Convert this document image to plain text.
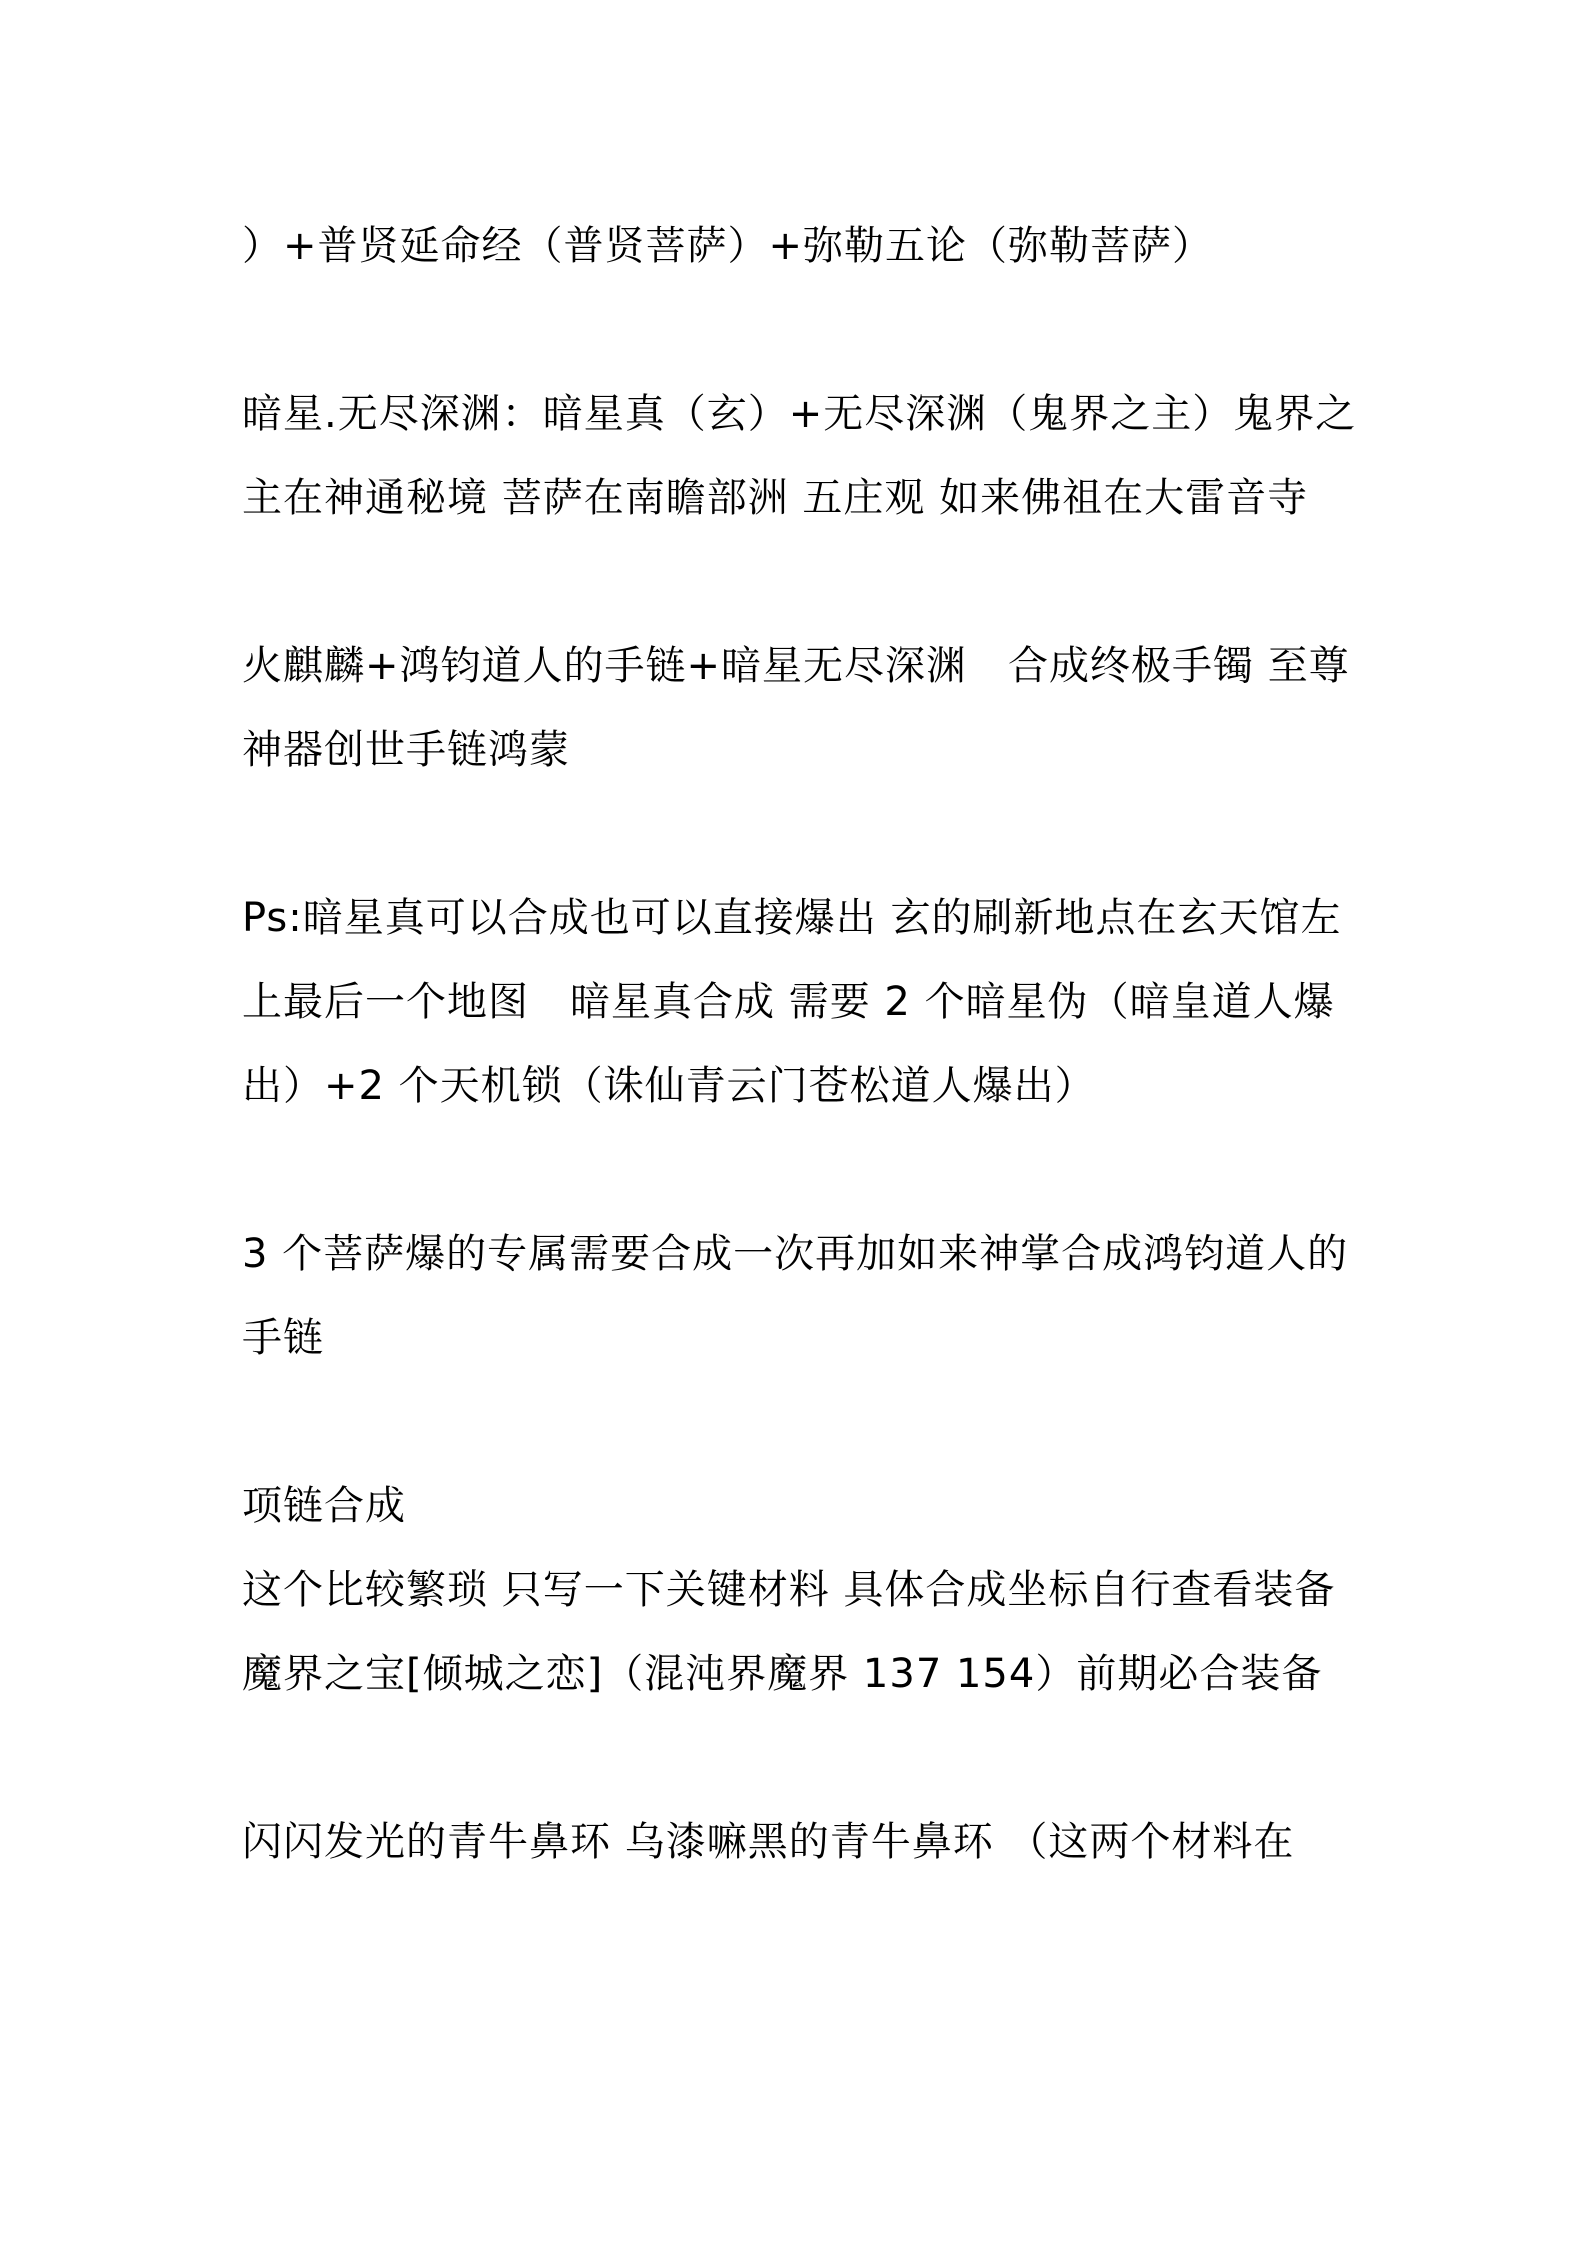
）+普贤延命经（普贤菩萨）+弥勒五论（弥勒菩萨）

暗星.无尽深渊：暗星真（玄）+无尽深渊（鬼界之主）鬼界之主在神通秘境 菩萨在南瞻部洲 五庄观 如来佛祖在大雷音寺

火麒麟+鸿钧道人的手链+暗星无尽深渊　合成终极手镯 至尊神器创世手链鸿蒙

Ps:暗星真可以合成也可以直接爆出 玄的刷新地点在玄天馆左上最后一个地图　暗星真合成 需要 2 个暗星伪（暗皇道人爆出）+2 个天机锁（诛仙青云门苍松道人爆出）

3 个菩萨爆的专属需要合成一次再加如来神掌合成鸿钧道人的手链

项链合成

这个比较繁琐 只写一下关键材料 具体合成坐标自行查看装备

魔界之宝[倾城之恋]（混沌界魔界 137 154）前期必合装备

闪闪发光的青牛鼻环 乌漆嘛黑的青牛鼻环 （这两个材料在
